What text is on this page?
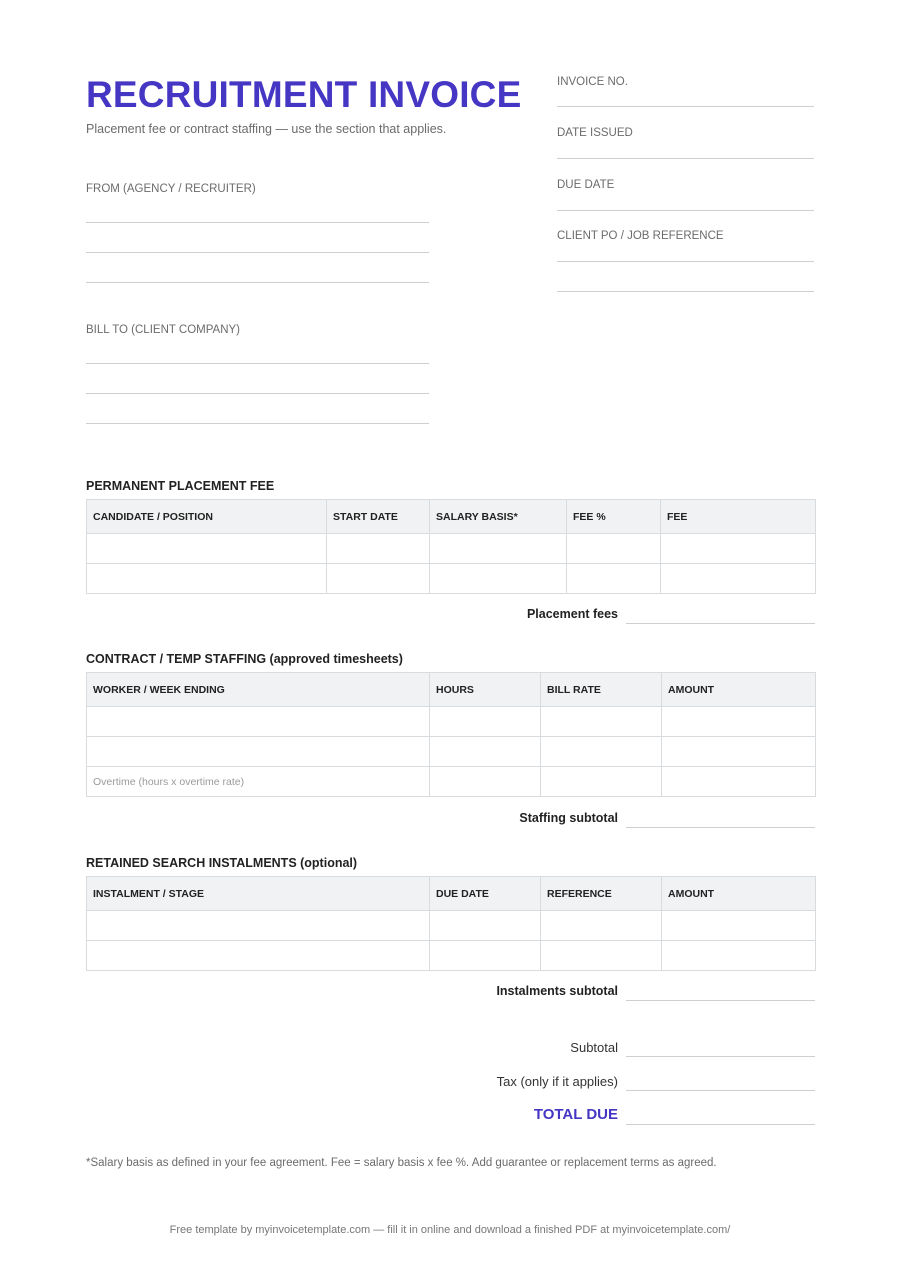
RECRUITMENT INVOICE
Placement fee or contract staffing — use the section that applies.
INVOICE NO.
DATE ISSUED
DUE DATE
CLIENT PO / JOB REFERENCE
FROM (AGENCY / RECRUITER)
BILL TO (CLIENT COMPANY)
PERMANENT PLACEMENT FEE
CANDIDATE / POSITION	START DATE	SALARY BASIS*	FEE %	FEE

Placement fees
CONTRACT / TEMP STAFFING (approved timesheets)
WORKER / WEEK ENDING	HOURS	BILL RATE	AMOUNT

Overtime (hours x overtime rate)			
Staffing subtotal
RETAINED SEARCH INSTALMENTS (optional)
INSTALMENT / STAGE	DUE DATE	REFERENCE	AMOUNT

Instalments subtotal
Subtotal
Tax (only if it applies)
TOTAL DUE
*Salary basis as defined in your fee agreement. Fee = salary basis x fee %. Add guarantee or replacement terms as agreed.
Free template by myinvoicetemplate.com — fill it in online and download a finished PDF at myinvoicetemplate.com/
